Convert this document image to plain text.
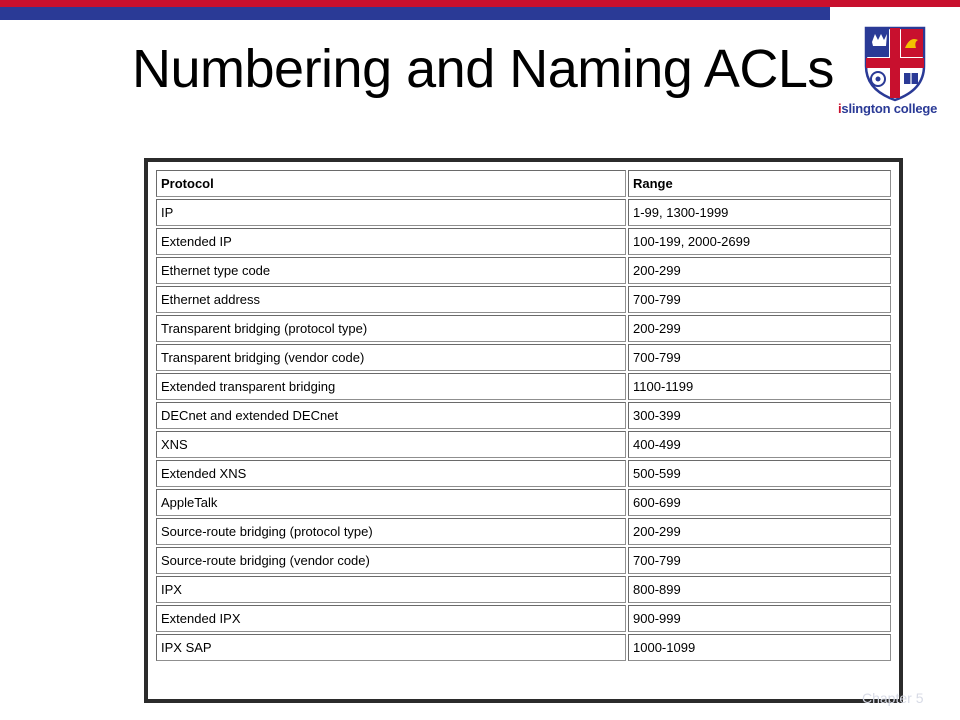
Numbering and Naming ACLs
islington college
Protocol	Range
IP	1-99, 1300-1999
Extended IP	100-199, 2000-2699
Ethernet type code	200-299
Ethernet address	700-799
Transparent bridging (protocol type)	200-299
Transparent bridging (vendor code)	700-799
Extended transparent bridging	1100-1199
DECnet and extended DECnet	300-399
XNS	400-499
Extended XNS	500-599
AppleTalk	600-699
Source-route bridging (protocol type)	200-299
Source-route bridging (vendor code)	700-799
IPX	800-899
Extended IPX	900-999
IPX SAP	1000-1099
Chapter 5
